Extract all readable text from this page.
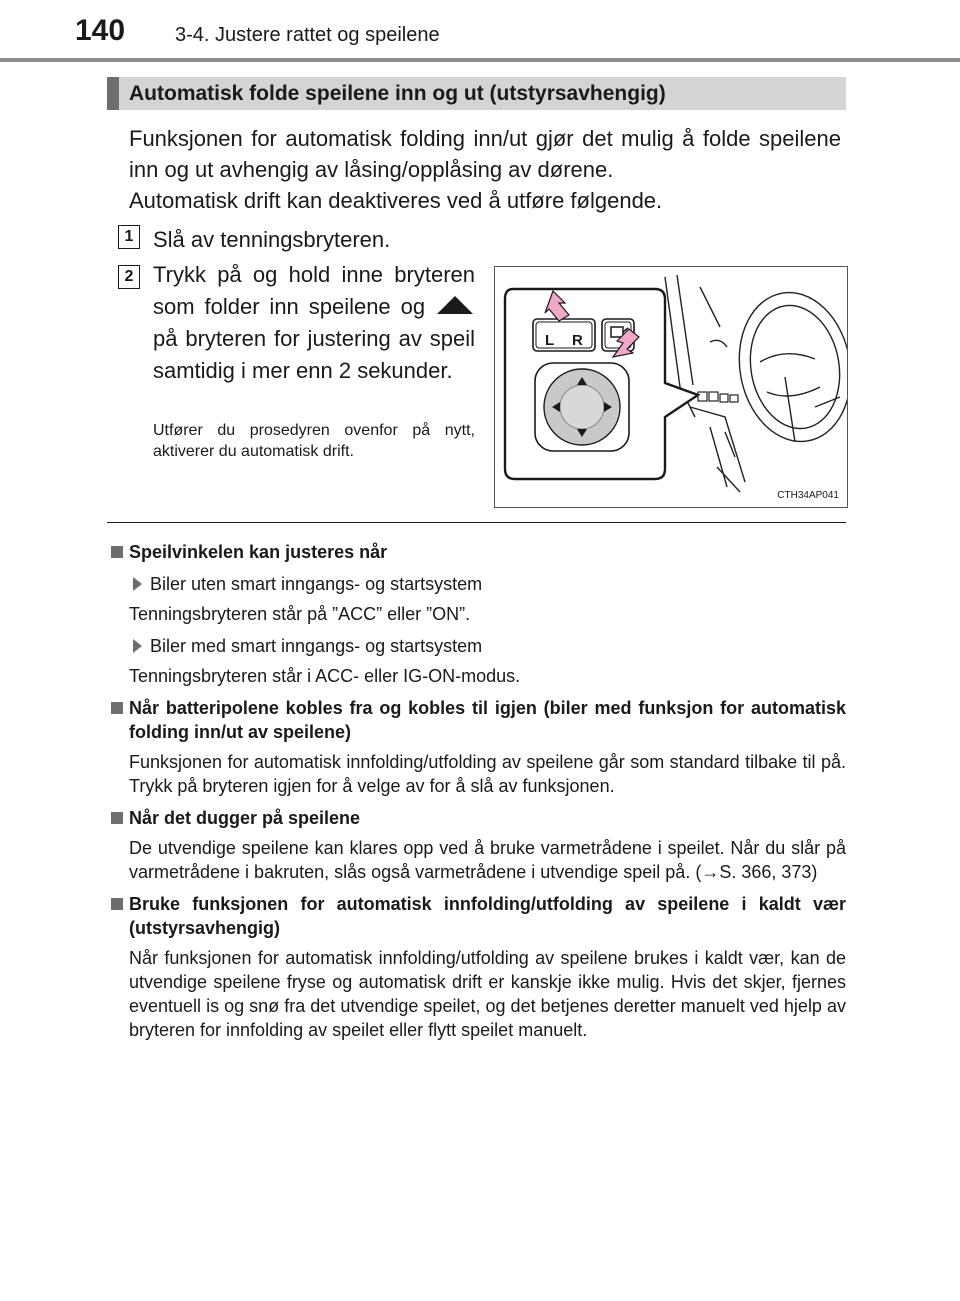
140 3-4. Justere rattet og speilene
Automatisk folde speilene inn og ut (utstyrsavhengig)
Funksjonen for automatisk folding inn/ut gjør det mulig å folde speilene inn og ut avhengig av låsing/opplåsing av dørene.
Automatisk drift kan deaktiveres ved å utføre følgende.
1 Slå av tenningsbryteren.
2 Trykk på og hold inne bryteren som folder inn speilene og  på bryteren for justering av speil samtidig i mer enn 2 sekunder.
Utfører du prosedyren ovenfor på nytt, aktiverer du automatisk drift.
L R
CTH34AP041
Speilvinkelen kan justeres når
Biler uten smart inngangs- og startsystem
Tenningsbryteren står på ”ACC” eller ”ON”.
Biler med smart inngangs- og startsystem
Tenningsbryteren står i ACC- eller IG-ON-modus.
Når batteripolene kobles fra og kobles til igjen (biler med funksjon for automatisk folding inn/ut av speilene)
Funksjonen for automatisk innfolding/utfolding av speilene går som standard tilbake til på. Trykk på bryteren igjen for å velge av for å slå av funksjonen.
Når det dugger på speilene
De utvendige speilene kan klares opp ved å bruke varmetrådene i speilet. Når du slår på varmetrådene i bakruten, slås også varmetrådene i utvendige speil på. (→S. 366, 373)
Bruke funksjonen for automatisk innfolding/utfolding av speilene i kaldt vær (utstyrsavhengig)
Når funksjonen for automatisk innfolding/utfolding av speilene brukes i kaldt vær, kan de utvendige speilene fryse og automatisk drift er kanskje ikke mulig. Hvis det skjer, fjernes eventuell is og snø fra det utvendige speilet, og det betjenes deretter manuelt ved hjelp av bryteren for innfolding av speilet eller flytt speilet manuelt.
